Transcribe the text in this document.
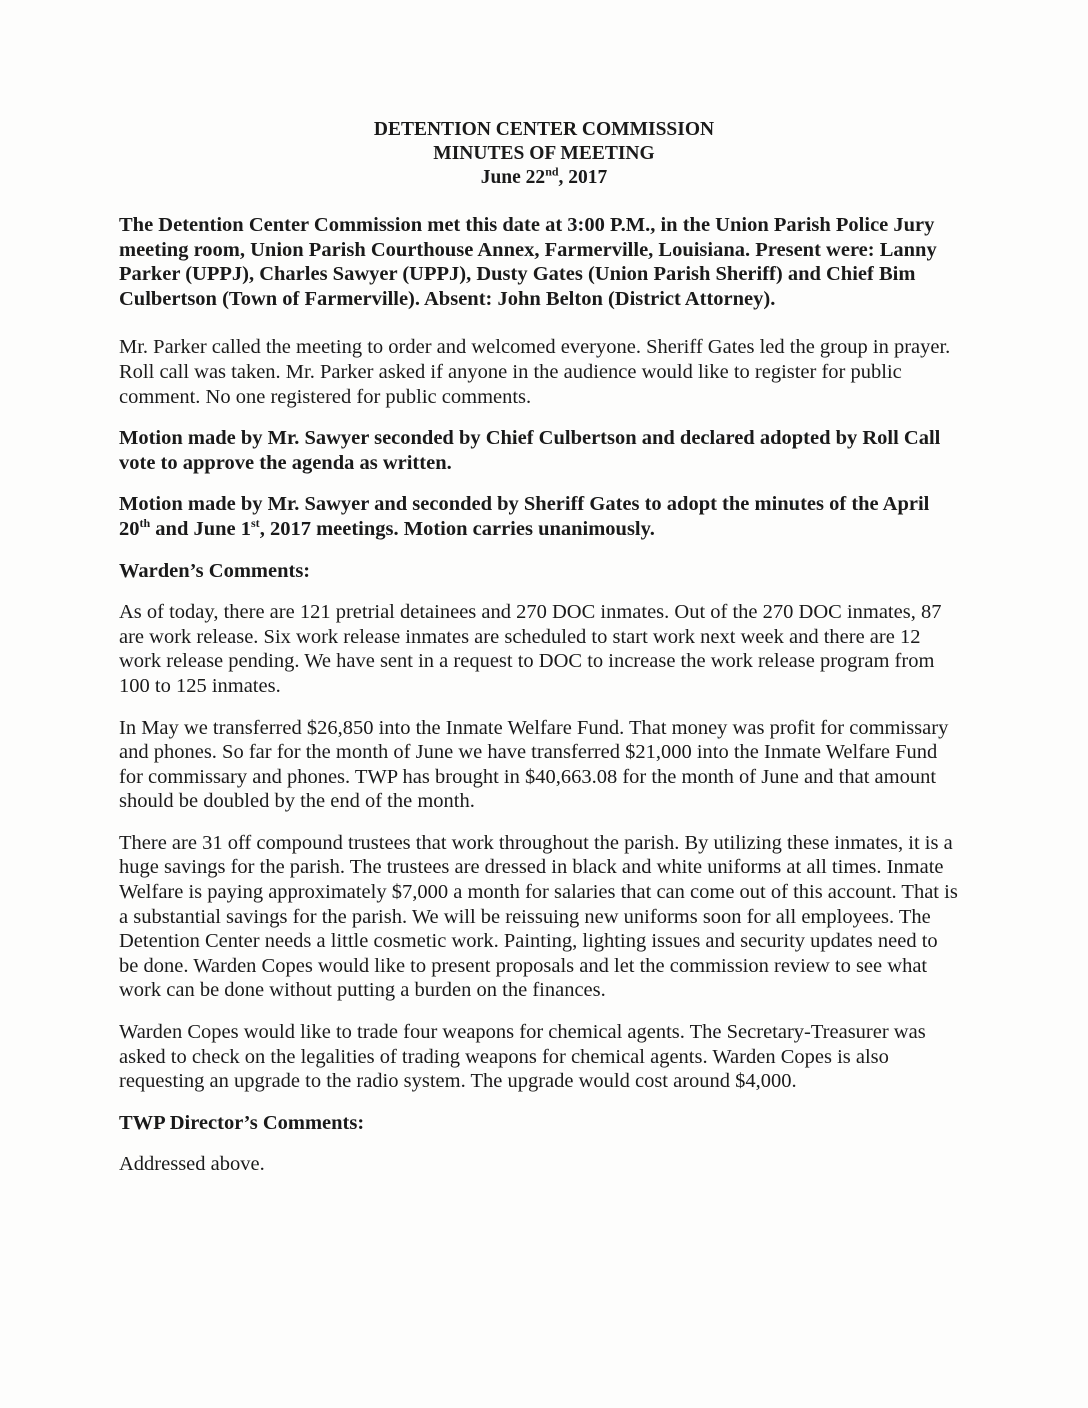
DETENTION CENTER COMMISSION
MINUTES OF MEETING
June 22nd, 2017

The Detention Center Commission met this date at 3:00 P.M., in the Union Parish Police Jury meeting room, Union Parish Courthouse Annex, Farmerville, Louisiana. Present were: Lanny Parker (UPPJ), Charles Sawyer (UPPJ), Dusty Gates (Union Parish Sheriff) and Chief Bim Culbertson (Town of Farmerville). Absent: John Belton (District Attorney).

Mr. Parker called the meeting to order and welcomed everyone. Sheriff Gates led the group in prayer. Roll call was taken. Mr. Parker asked if anyone in the audience would like to register for public comment. No one registered for public comments.

Motion made by Mr. Sawyer seconded by Chief Culbertson and declared adopted by Roll Call vote to approve the agenda as written.

Motion made by Mr. Sawyer and seconded by Sheriff Gates to adopt the minutes of the April 20th and June 1st, 2017 meetings. Motion carries unanimously.

Warden’s Comments:

As of today, there are 121 pretrial detainees and 270 DOC inmates. Out of the 270 DOC inmates, 87 are work release. Six work release inmates are scheduled to start work next week and there are 12 work release pending. We have sent in a request to DOC to increase the work release program from 100 to 125 inmates.

In May we transferred $26,850 into the Inmate Welfare Fund. That money was profit for commissary and phones. So far for the month of June we have transferred $21,000 into the Inmate Welfare Fund for commissary and phones. TWP has brought in $40,663.08 for the month of June and that amount should be doubled by the end of the month.

There are 31 off compound trustees that work throughout the parish. By utilizing these inmates, it is a huge savings for the parish. The trustees are dressed in black and white uniforms at all times. Inmate Welfare is paying approximately $7,000 a month for salaries that can come out of this account. That is a substantial savings for the parish. We will be reissuing new uniforms soon for all employees. The Detention Center needs a little cosmetic work. Painting, lighting issues and security updates need to be done. Warden Copes would like to present proposals and let the commission review to see what work can be done without putting a burden on the finances.

Warden Copes would like to trade four weapons for chemical agents. The Secretary-Treasurer was asked to check on the legalities of trading weapons for chemical agents. Warden Copes is also requesting an upgrade to the radio system. The upgrade would cost around $4,000.

TWP Director’s Comments:

Addressed above.
